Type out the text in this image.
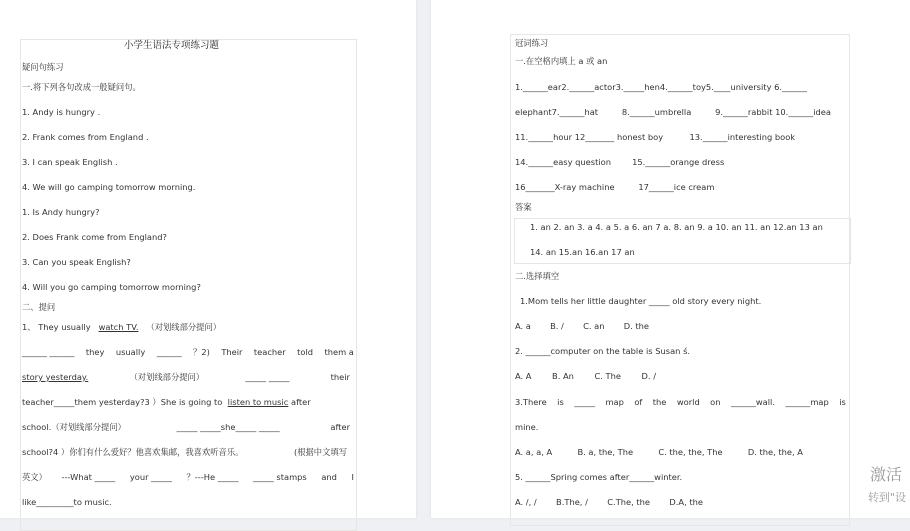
小学生语法专项练习题
疑问句练习
一.将下列各句改成一般疑问句。
1. Andy is hungry .
2. Frank comes from England .
3. I can speak English .
4. We will go camping tomorrow morning.
1. Is Andy hungry?
2. Does Frank come from England?
3. Can you speak English?
4. Will you go camping tomorrow morning?
二、提问
1、 They usually watch TV. （对划线部分提问）
______ ______ they usually ______ ？2) Their teacher told them a
story yesterday.	（对划线部分提问）	_____ _____	their
teacher_____them yesterday?3 ）She is going to listen to music after
school.（对划线部分提问）	_____ _____she_____ _____	after
school?4 ）你们有什么爱好？他喜欢集邮，我喜欢听音乐。	(根据中文填写
英文） ---What _____ your _____ ？---He _____ _____ stamps and I
like_________to music.
冠词练习
一.在空格内填上 a 或 an
1.______ear2.______actor3._____hen4.______toy5.____university 6.______
elephant7.______hat	8.______umbrella	9.______rabbit 10.______idea
11.______hour 12_______ honest boy	13.______interesting book
14.______easy question	15.______orange dress
16_______X-ray machine	17______ice cream
答案
1. an 2. an 3. a 4. a 5. a 6. an 7 a. 8. an 9. a 10. an 11. an 12.an 13 an
14. an 15.an 16.an 17 an
二.选择填空
1.Mom tells her little daughter _____ old story every night.
A. a B. / C. an D. the
2. ______computer on the table is Susan ś.
A. A B. An C. The D. /
3.There is _____ map of the world on ______wall. ______map is
mine.
A. a, a, A	B. a, the, The	C. the, the, The	D. the, the, A
5. ______Spring comes after______winter.
A. /, / B.The, / C.The, the D.A, the
激活
转到"设
